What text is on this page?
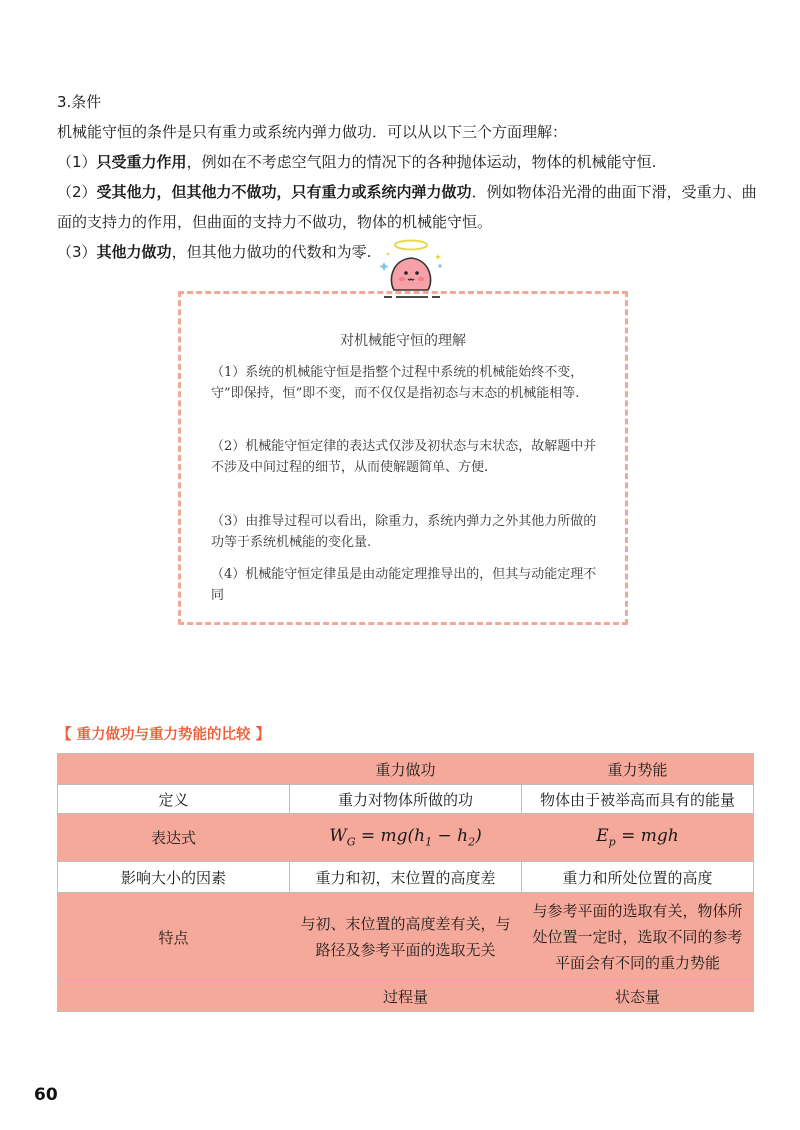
3.条件

机械能守恒的条件是只有重力或系统内弹力做功．可以从以下三个方面理解：

（1）只受重力作用，例如在不考虑空气阻力的情况下的各种抛体运动，物体的机械能守恒.

（2）受其他力，但其他力不做功，只有重力或系统内弹力做功．例如物体沿光滑的曲面下滑，受重力、曲面的支持力的作用，但曲面的支持力不做功，物体的机械能守恒。

（3）其他力做功，但其他力做功的代数和为零.

对机械能守恒的理解

（1）系统的机械能守恒是指整个过程中系统的机械能始终不变，守”即保持，恒”即不变，而不仅仅是指初态与末态的机械能相等.

（2）机械能守恒定律的表达式仅涉及初状态与末状态，故解题中并不涉及中间过程的细节，从而使解题简单、方便.

（3）由推导过程可以看出，除重力，系统内弹力之外其他力所做的功等于系统机械能的变化量.

（4）机械能守恒定律虽是由动能定理推导出的，但其与动能定理不同

【 重力做功与重力势能的比较 】
	重力做功	重力势能
定义	重力对物体所做的功	物体由于被举高而具有的能量
表达式	$W_G = mg(h_1 - h_2)$	$E_p$ = mgh
影响大小的因素	重力和初，末位置的高度差	重力和所处位置的高度
特点	与初、末位置的高度差有关，与路径及参考平面的选取无关	与参考平面的选取有关，物体所处位置一定时，选取不同的参考平面会有不同的重力势能
	过程量	状态量
60
